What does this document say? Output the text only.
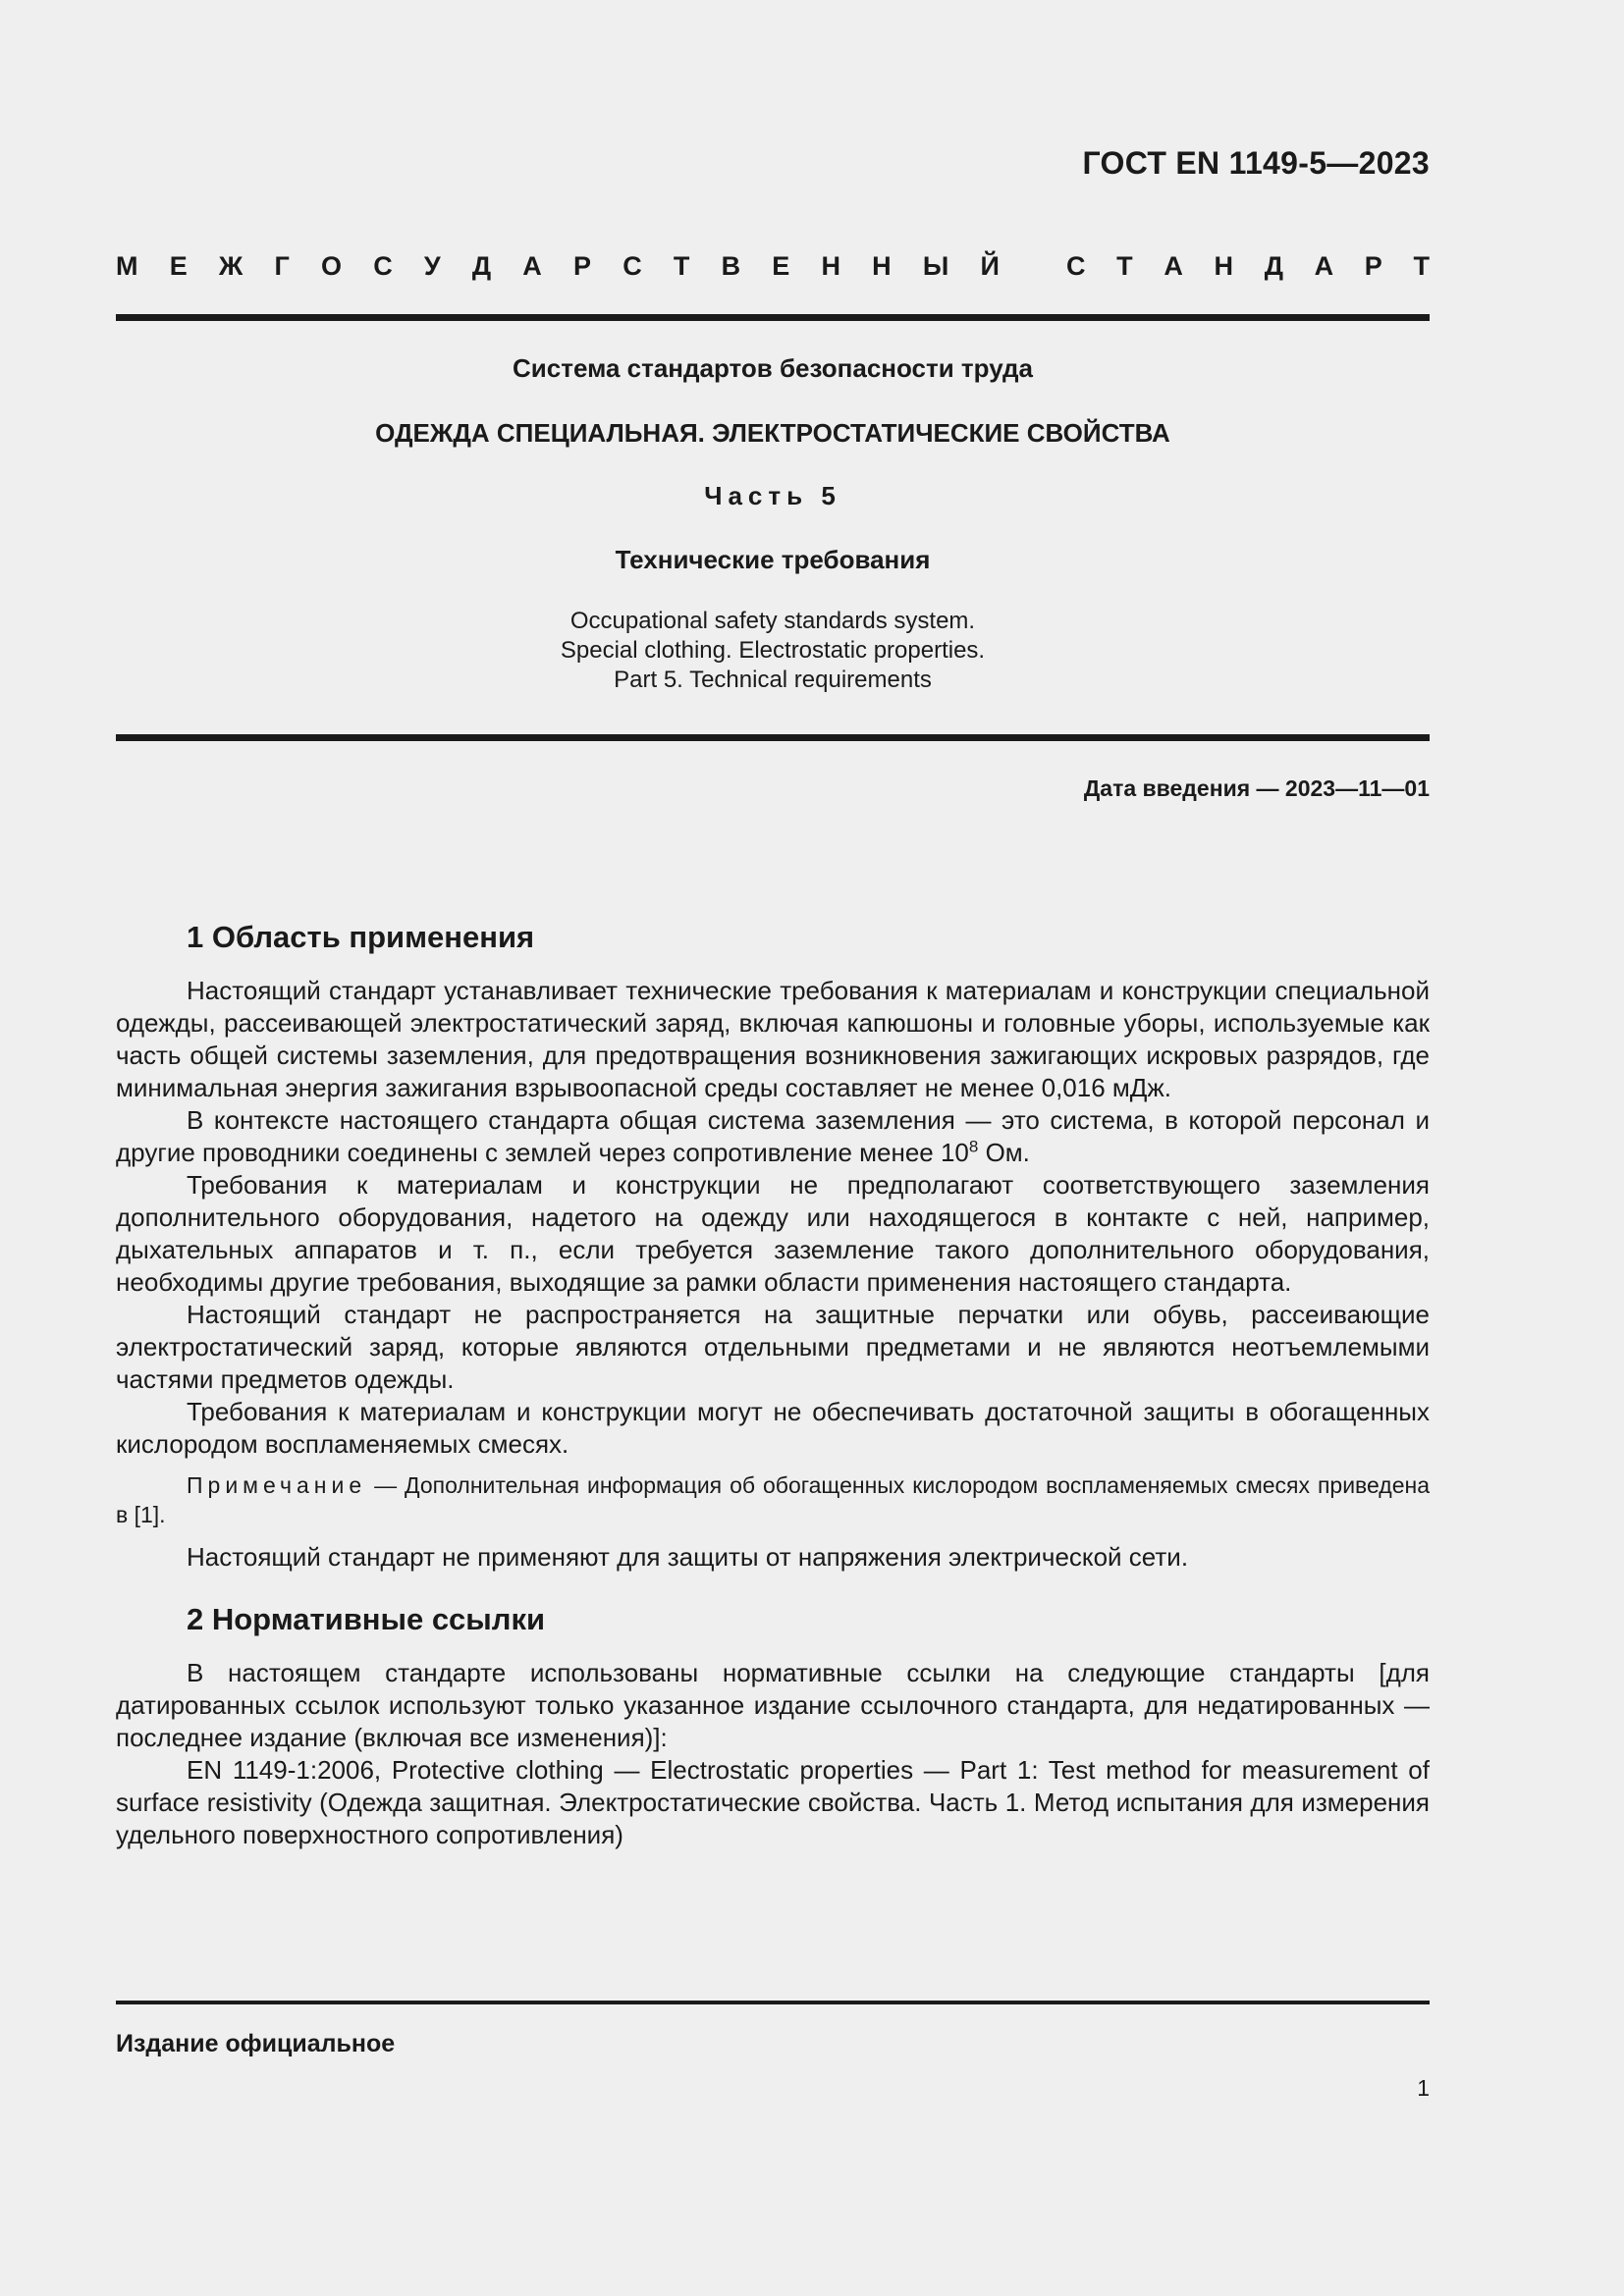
ГОСТ EN 1149-5—2023
М Е Ж Г О С У Д А Р С Т В Е Н Н Ы Й	С Т А Н Д А Р Т
Система стандартов безопасности труда
ОДЕЖДА СПЕЦИАЛЬНАЯ. ЭЛЕКТРОСТАТИЧЕСКИЕ СВОЙСТВА
Часть 5
Технические требования
Occupational safety standards system.
Special clothing. Electrostatic properties.
Part 5. Technical requirements
Дата введения — 2023—11—01
1 Область применения

Настоящий стандарт устанавливает технические требования к материалам и конструкции специальной одежды, рассеивающей электростатический заряд, включая капюшоны и головные уборы, используемые как часть общей системы заземления, для предотвращения возникновения зажигающих искровых разрядов, где минимальная энергия зажигания взрывоопасной среды составляет не менее 0,016 мДж.

В контексте настоящего стандарта общая система заземления — это система, в которой персонал и другие проводники соединены с землей через сопротивление менее $10^8$ Ом.

Требования к материалам и конструкции не предполагают соответствующего заземления дополнительного оборудования, надетого на одежду или находящегося в контакте с ней, например, дыхательных аппаратов и т. п., если требуется заземление такого дополнительного оборудования, необходимы другие требования, выходящие за рамки области применения настоящего стандарта.

Настоящий стандарт не распространяется на защитные перчатки или обувь, рассеивающие электростатический заряд, которые являются отдельными предметами и не являются неотъемлемыми частями предметов одежды.

Требования к материалам и конструкции могут не обеспечивать достаточной защиты в обогащенных кислородом воспламеняемых смесях.

Примечание — Дополнительная информация об обогащенных кислородом воспламеняемых смесях приведена в [1].

Настоящий стандарт не применяют для защиты от напряжения электрической сети.

2 Нормативные ссылки

В настоящем стандарте использованы нормативные ссылки на следующие стандарты [для датированных ссылок используют только указанное издание ссылочного стандарта, для недатированных — последнее издание (включая все изменения)]:

EN 1149-1:2006, Protective clothing — Electrostatic properties — Part 1: Test method for measurement of surface resistivity (Одежда защитная. Электростатические свойства. Часть 1. Метод испытания для измерения удельного поверхностного сопротивления)

Издание официальное
1
